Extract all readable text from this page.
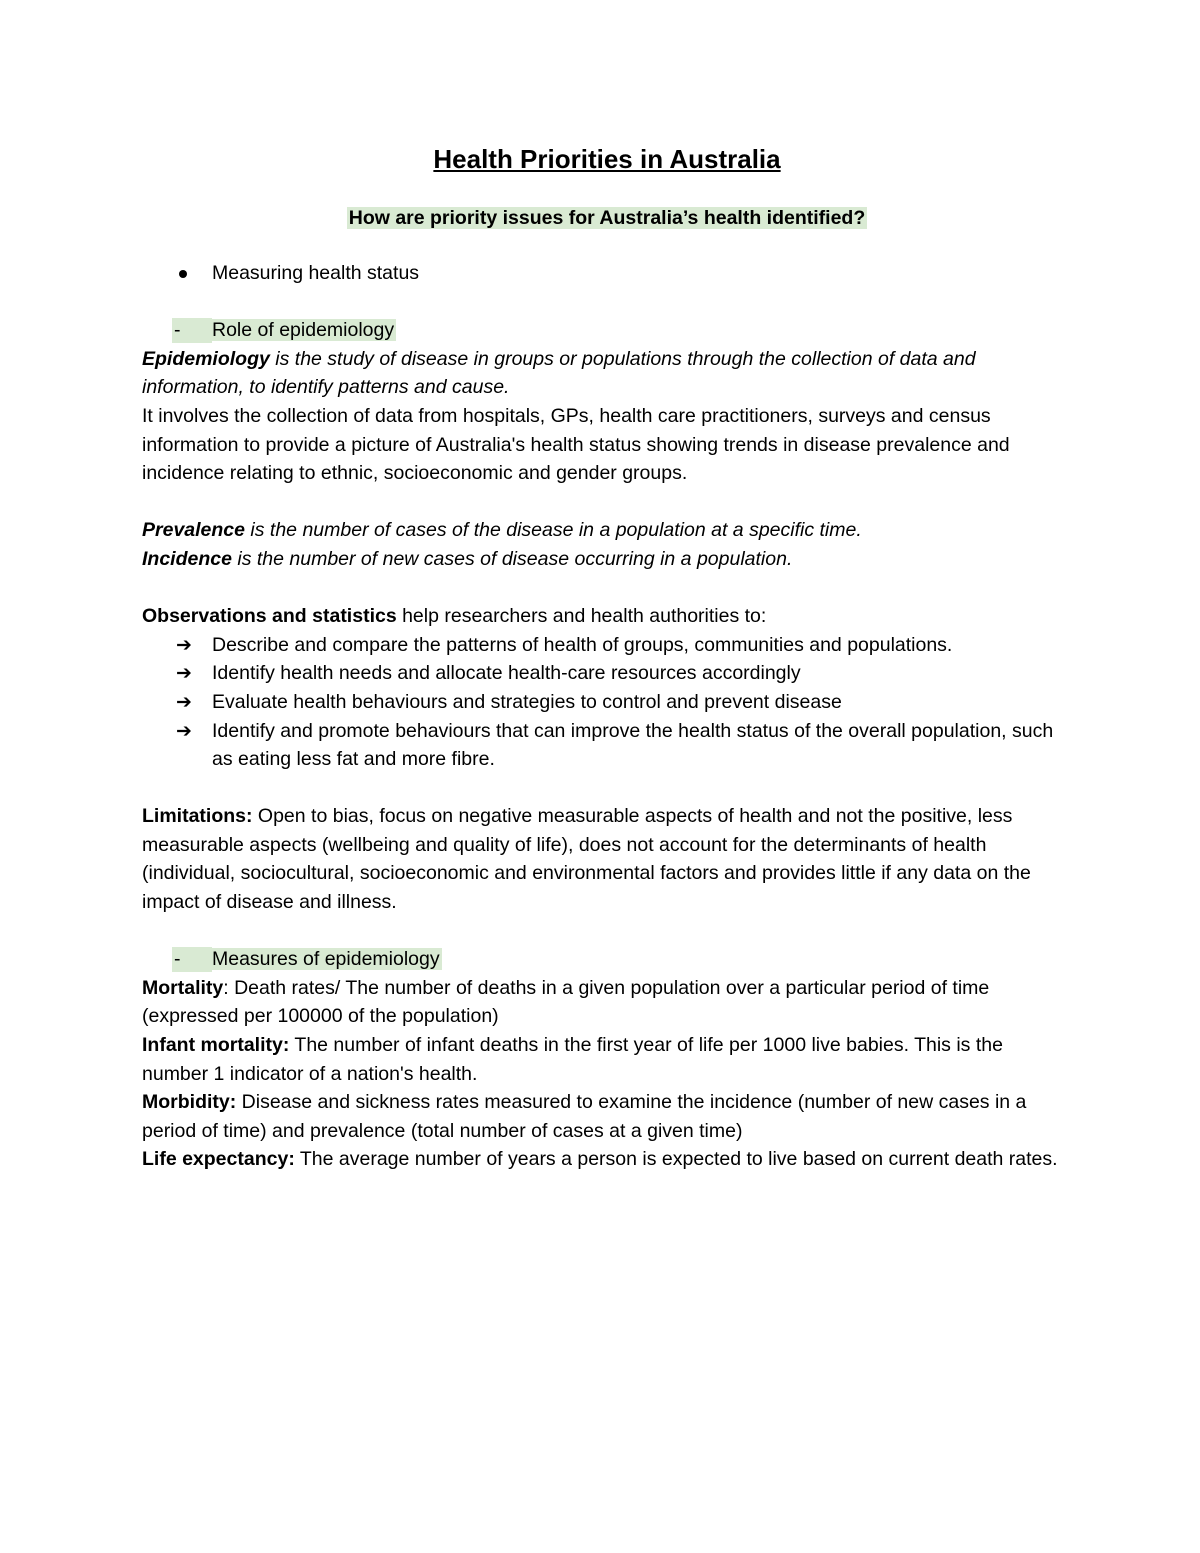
Health Priorities in Australia
How are priority issues for Australia’s health identified?
Measuring health status
- Role of epidemiology

Epidemiology is the study of disease in groups or populations through the collection of data and information, to identify patterns and cause.

It involves the collection of data from hospitals, GPs, health care practitioners, surveys and census information to provide a picture of Australia's health status showing trends in disease prevalence and incidence relating to ethnic, socioeconomic and gender groups.

Prevalence is the number of cases of the disease in a population at a specific time.

Incidence is the number of new cases of disease occurring in a population.

Observations and statistics help researchers and health authorities to:

➔ Describe and compare the patterns of health of groups, communities and populations.
➔ Identify health needs and allocate health-care resources accordingly
➔ Evaluate health behaviours and strategies to control and prevent disease
➔ Identify and promote behaviours that can improve the health status of the overall population, such as eating less fat and more fibre.

Limitations: Open to bias, focus on negative measurable aspects of health and not the positive, less measurable aspects (wellbeing and quality of life), does not account for the determinants of health (individual, sociocultural, socioeconomic and environmental factors and provides little if any data on the impact of disease and illness.

- Measures of epidemiology

Mortality: Death rates/ The number of deaths in a given population over a particular period of time (expressed per 100000 of the population)

Infant mortality: The number of infant deaths in the first year of life per 1000 live babies. This is the number 1 indicator of a nation's health.

Morbidity: Disease and sickness rates measured to examine the incidence (number of new cases in a period of time) and prevalence (total number of cases at a given time)

Life expectancy: The average number of years a person is expected to live based on current death rates.
